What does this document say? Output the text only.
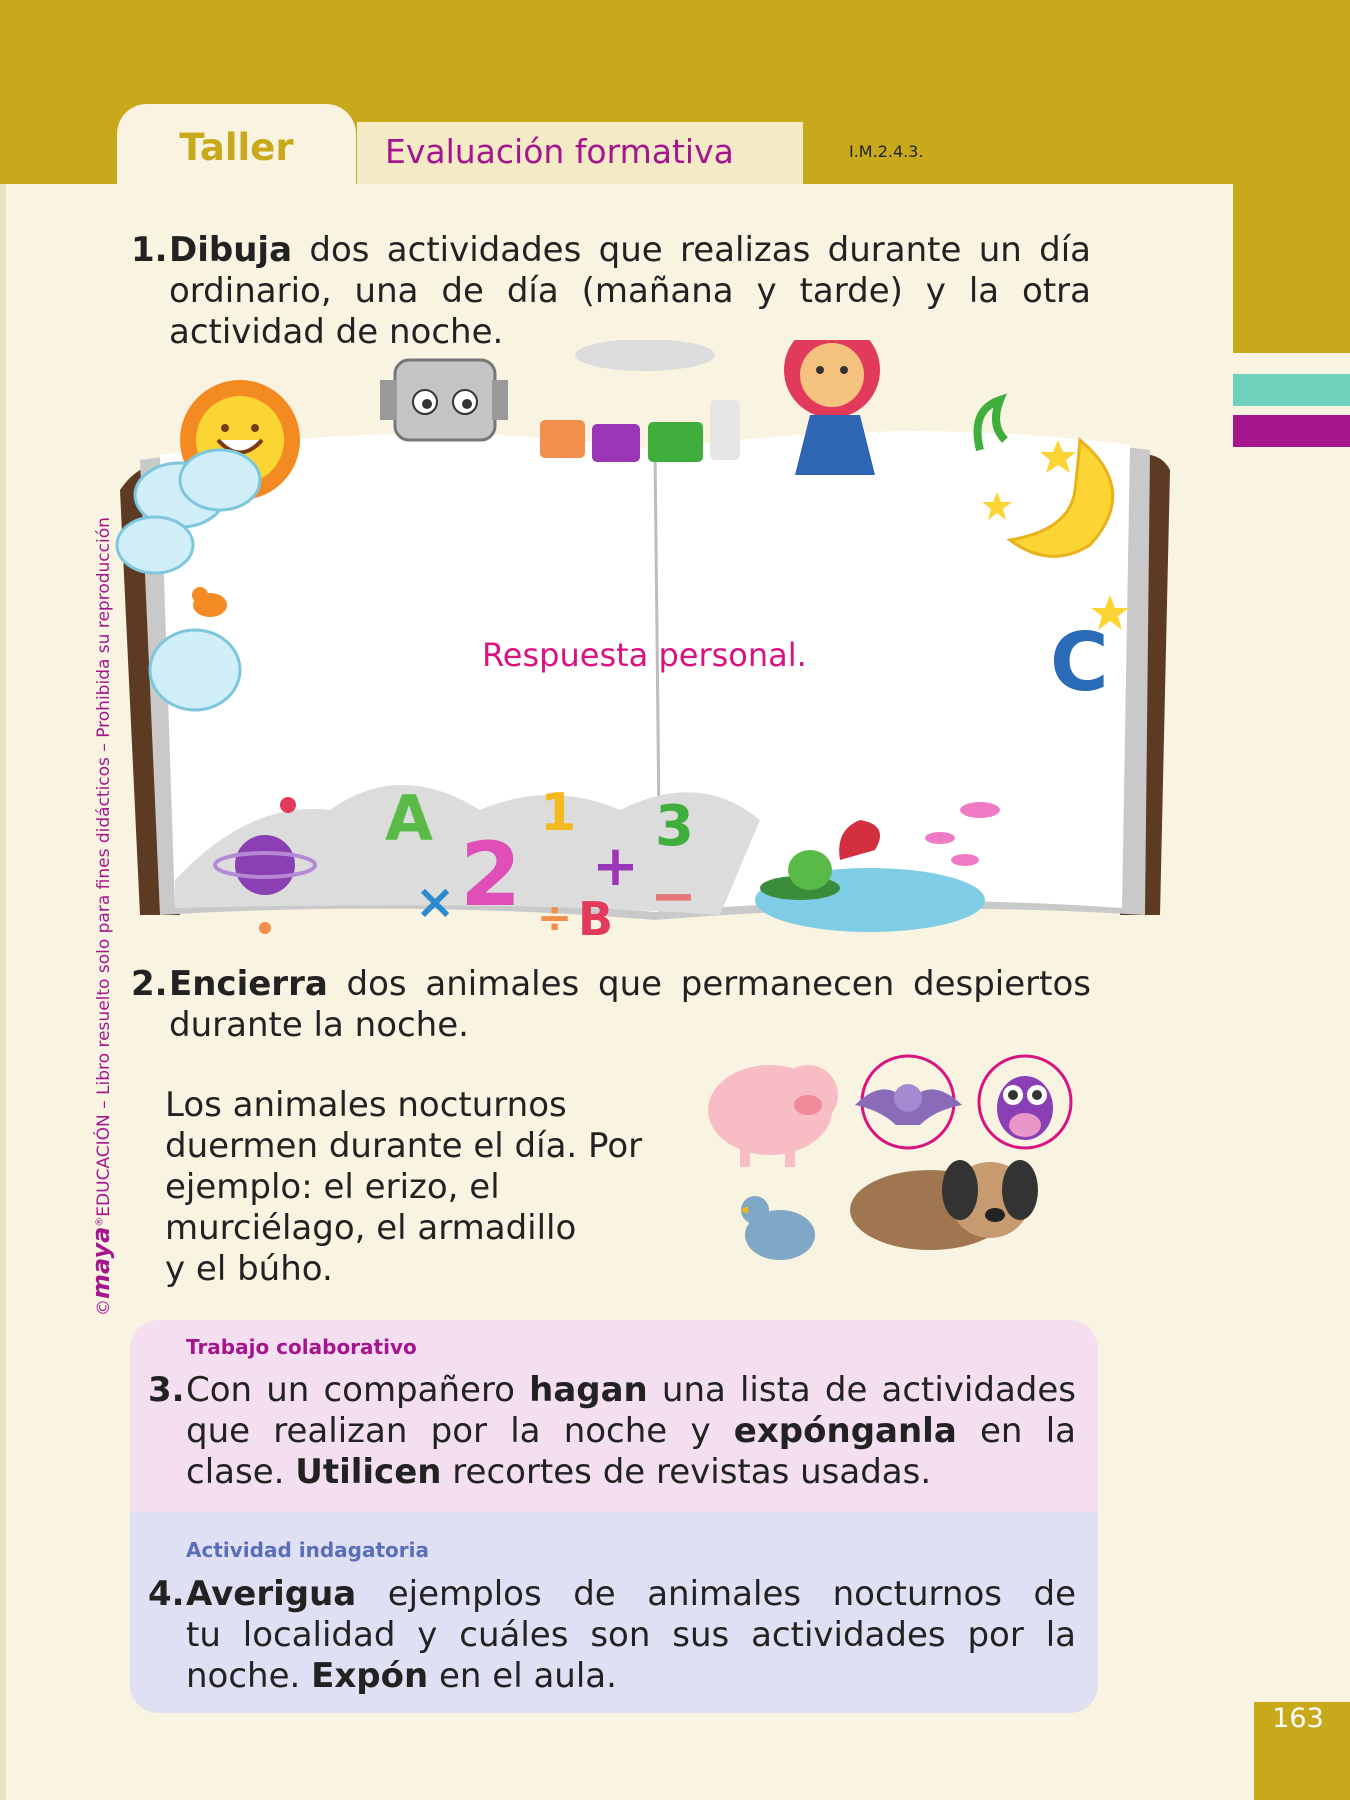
Taller	Evaluación formativa	I.M.2.4.3.
©maya®EDUCACIÓN – Libro resuelto solo para fines didácticos – Prohibida su reproducción
1. Dibuja dos actividades que realizas durante un día
ordinario, una de día (mañana y tarde) y la otra
actividad de noche.
C
A 1
2 3
B
+
× ÷ −
Respuesta personal.
2. Encierra dos animales que permanecen despiertos
durante la noche.
Los animales nocturnos
duermen durante el día. Por
ejemplo: el erizo, el
murciélago, el armadillo
y el búho.
Trabajo colaborativo
3. Con un compañero hagan una lista de actividades
que realizan por la noche y expónganla en la
clase. Utilicen recortes de revistas usadas.
Actividad indagatoria
4. Averigua ejemplos de animales nocturnos de
tu localidad y cuáles son sus actividades por la
noche. Expón en el aula.
163
